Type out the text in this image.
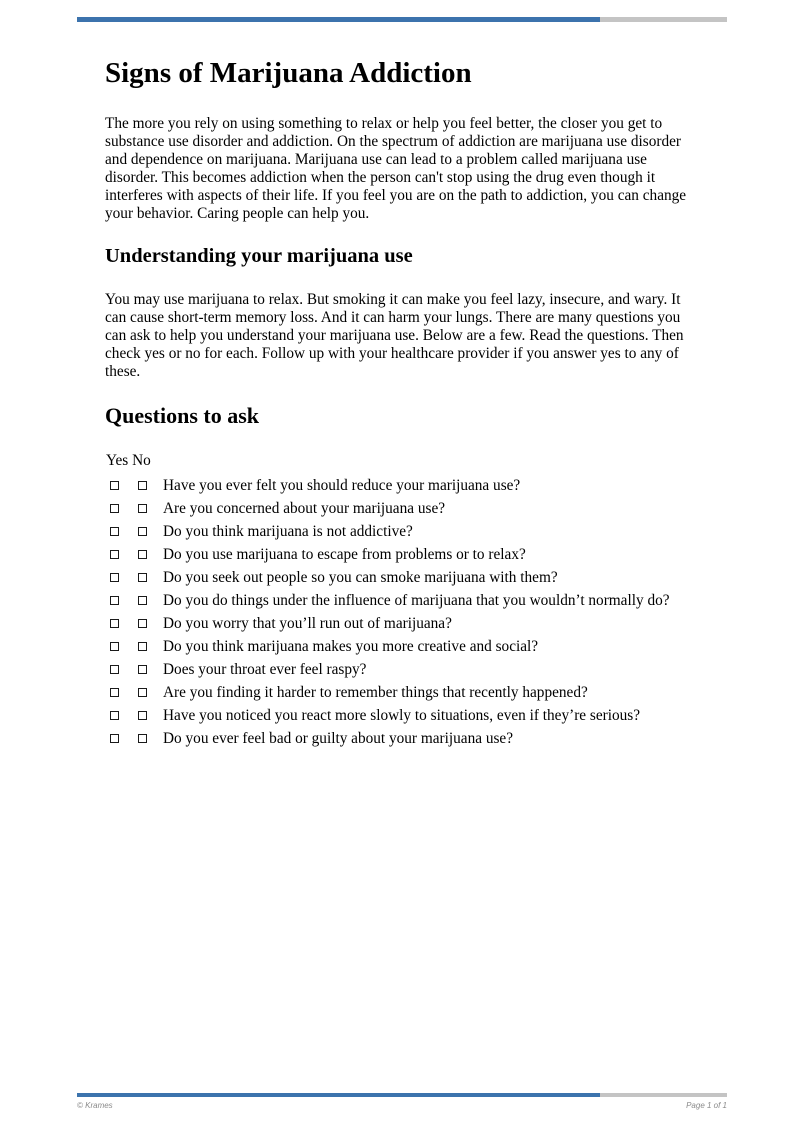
Signs of Marijuana Addiction

The more you rely on using something to relax or help you feel better, the closer you get to substance use disorder and addiction. On the spectrum of addiction are marijuana use disorder and dependence on marijuana. Marijuana use can lead to a problem called marijuana use disorder. This becomes addiction when the person can't stop using the drug even though it interferes with aspects of their life. If you feel you are on the path to addiction, you can change your behavior. Caring people can help you.

Understanding your marijuana use

You may use marijuana to relax. But smoking it can make you feel lazy, insecure, and wary. It can cause short-term memory loss. And it can harm your lungs. There are many questions you can ask to help you understand your marijuana use. Below are a few. Read the questions. Then check yes or no for each. Follow up with your healthcare provider if you answer yes to any of these.

Questions to ask
Yes No
Have you ever felt you should reduce your marijuana use?
Are you concerned about your marijuana use?
Do you think marijuana is not addictive?
Do you use marijuana to escape from problems or to relax?
Do you seek out people so you can smoke marijuana with them?
Do you do things under the influence of marijuana that you wouldn’t normally do?
Do you worry that you’ll run out of marijuana?
Do you think marijuana makes you more creative and social?
Does your throat ever feel raspy?
Are you finding it harder to remember things that recently happened?
Have you noticed you react more slowly to situations, even if they’re serious?
Do you ever feel bad or guilty about your marijuana use?
© Krames	Page 1 of 1
